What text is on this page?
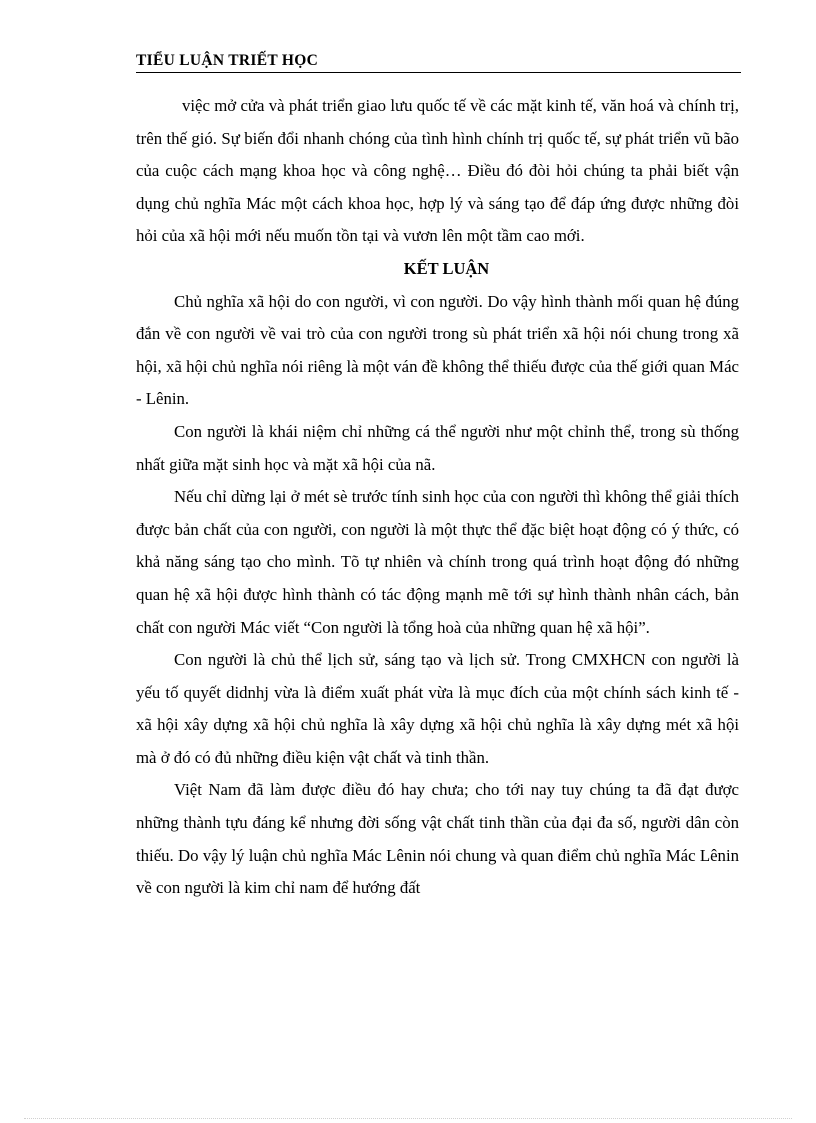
TIỂU LUẬN TRIẾT HỌC

việc mở cửa và phát triển giao lưu quốc tế về các mặt kinh tế, văn hoá và chính trị, trên thế gió. Sự biến đổi nhanh chóng của tình hình chính trị quốc tế, sự phát triển vũ bão của cuộc cách mạng khoa học và công nghệ… Điều đó đòi hỏi chúng ta phải biết vận dụng chủ nghĩa Mác một cách khoa học, hợp lý và sáng tạo để đáp ứng được những đòi hỏi của xã hội mới nếu muốn tồn tại và vươn lên một tầm cao mới.

KẾT LUẬN

Chủ nghĩa xã hội do con người, vì con người. Do vậy hình thành mối quan hệ đúng đắn về con người về vai trò của con người trong sù phát triển xã hội nói chung trong xã hội, xã hội chủ nghĩa nói riêng là một ván đề không thể thiếu được của thế giới quan Mác - Lênin.

Con người là khái niệm chỉ những cá thể người như một chỉnh thể, trong sù thống nhất giữa mặt sinh học và mặt xã hội của nã.

Nếu chỉ dừng lại ở mét sè trước tính sinh học của con người thì không thể giải thích được bản chất của con người, con người là một thực thể đặc biệt hoạt động có ý thức, có khả năng sáng tạo cho mình. Tõ tự nhiên và chính trong quá trình hoạt động đó những quan hệ xã hội được hình thành có tác động mạnh mẽ tới sự hình thành nhân cách, bản chất con người Mác viết “Con người là tổng hoà của những quan hệ xã hội”.

Con người là chủ thể lịch sử, sáng tạo và lịch sử. Trong CMXHCN con người là yếu tố quyết didnhj vừa là điểm xuất phát vừa là mục đích của một chính sách kinh tế - xã hội xây dựng xã hội chủ nghĩa là xây dựng xã hội chủ nghĩa là xây dựng mét xã hội mà ở đó có đủ những điều kiện vật chất và tinh thần.

Việt Nam đã làm được điều đó hay chưa; cho tới nay tuy chúng ta đã đạt được những thành tựu đáng kể nhưng đời sống vật chất tinh thần của đại đa số, người dân còn thiếu. Do vậy lý luận chủ nghĩa Mác Lênin nói chung và quan điểm chủ nghĩa Mác Lênin về con người là kim chỉ nam để hướng đất
